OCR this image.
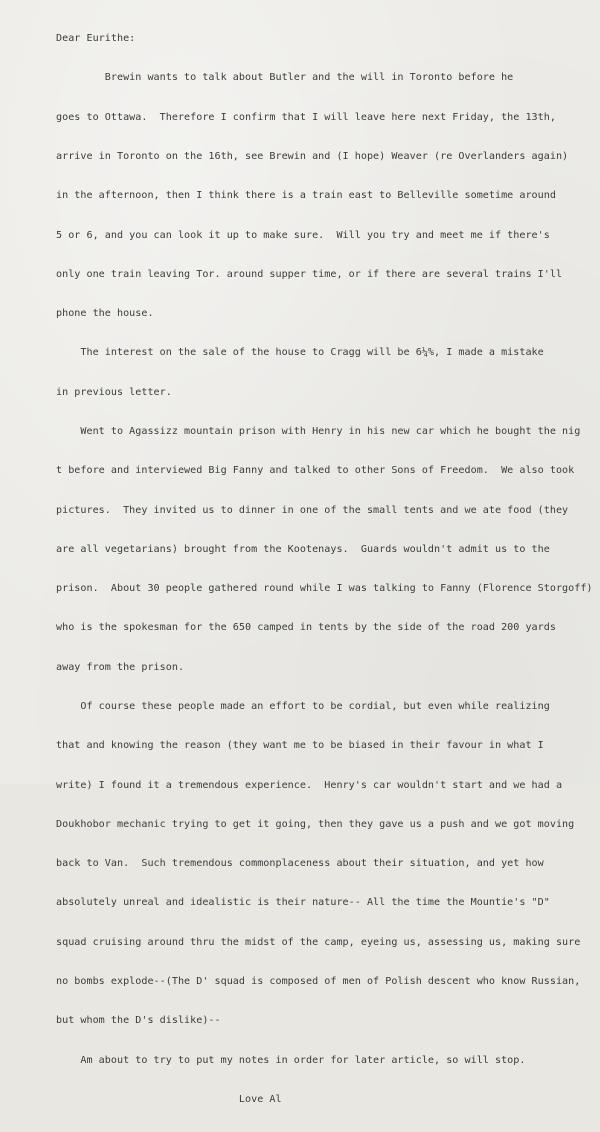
Dear Eurithe:

Brewin wants to talk about Butler and the will in Toronto before he

goes to Ottawa.  Therefore I confirm that I will leave here next Friday, the 13th,

arrive in Toronto on the 16th, see Brewin and (I hope) Weaver (re Overlanders again)

in the afternoon, then I think there is a train east to Belleville sometime around

5 or 6, and you can look it up to make sure.  Will you try and meet me if there's

only one train leaving Tor. around supper time, or if there are several trains I'll

phone the house.

The interest on the sale of the house to Cragg will be 6¼%, I made a mistake

in previous letter.

Went to Agassizz mountain prison with Henry in his new car which he bought the nig

t before and interviewed Big Fanny and talked to other Sons of Freedom.  We also took

pictures.  They invited us to dinner in one of the small tents and we ate food (they

are all vegetarians) brought from the Kootenays.  Guards wouldn't admit us to the

prison.  About 30 people gathered round while I was talking to Fanny (Florence Storgoff)

who is the spokesman for the 650 camped in tents by the side of the road 200 yards

away from the prison.

Of course these people made an effort to be cordial, but even while realizing

that and knowing the reason (they want me to be biased in their favour in what I

write) I found it a tremendous experience.  Henry's car wouldn't start and we had a

Doukhobor mechanic trying to get it going, then they gave us a push and we got moving

back to Van.  Such tremendous commonplaceness about their situation, and yet how

absolutely unreal and idealistic is their nature-- All the time the Mountie's "D"

squad cruising around thru the midst of the camp, eyeing us, assessing us, making sure

no bombs explode--(The D' squad is composed of men of Polish descent who know Russian,

but whom the D's dislike)--

Am about to try to put my notes in order for later article, so will stop.

Love Al
